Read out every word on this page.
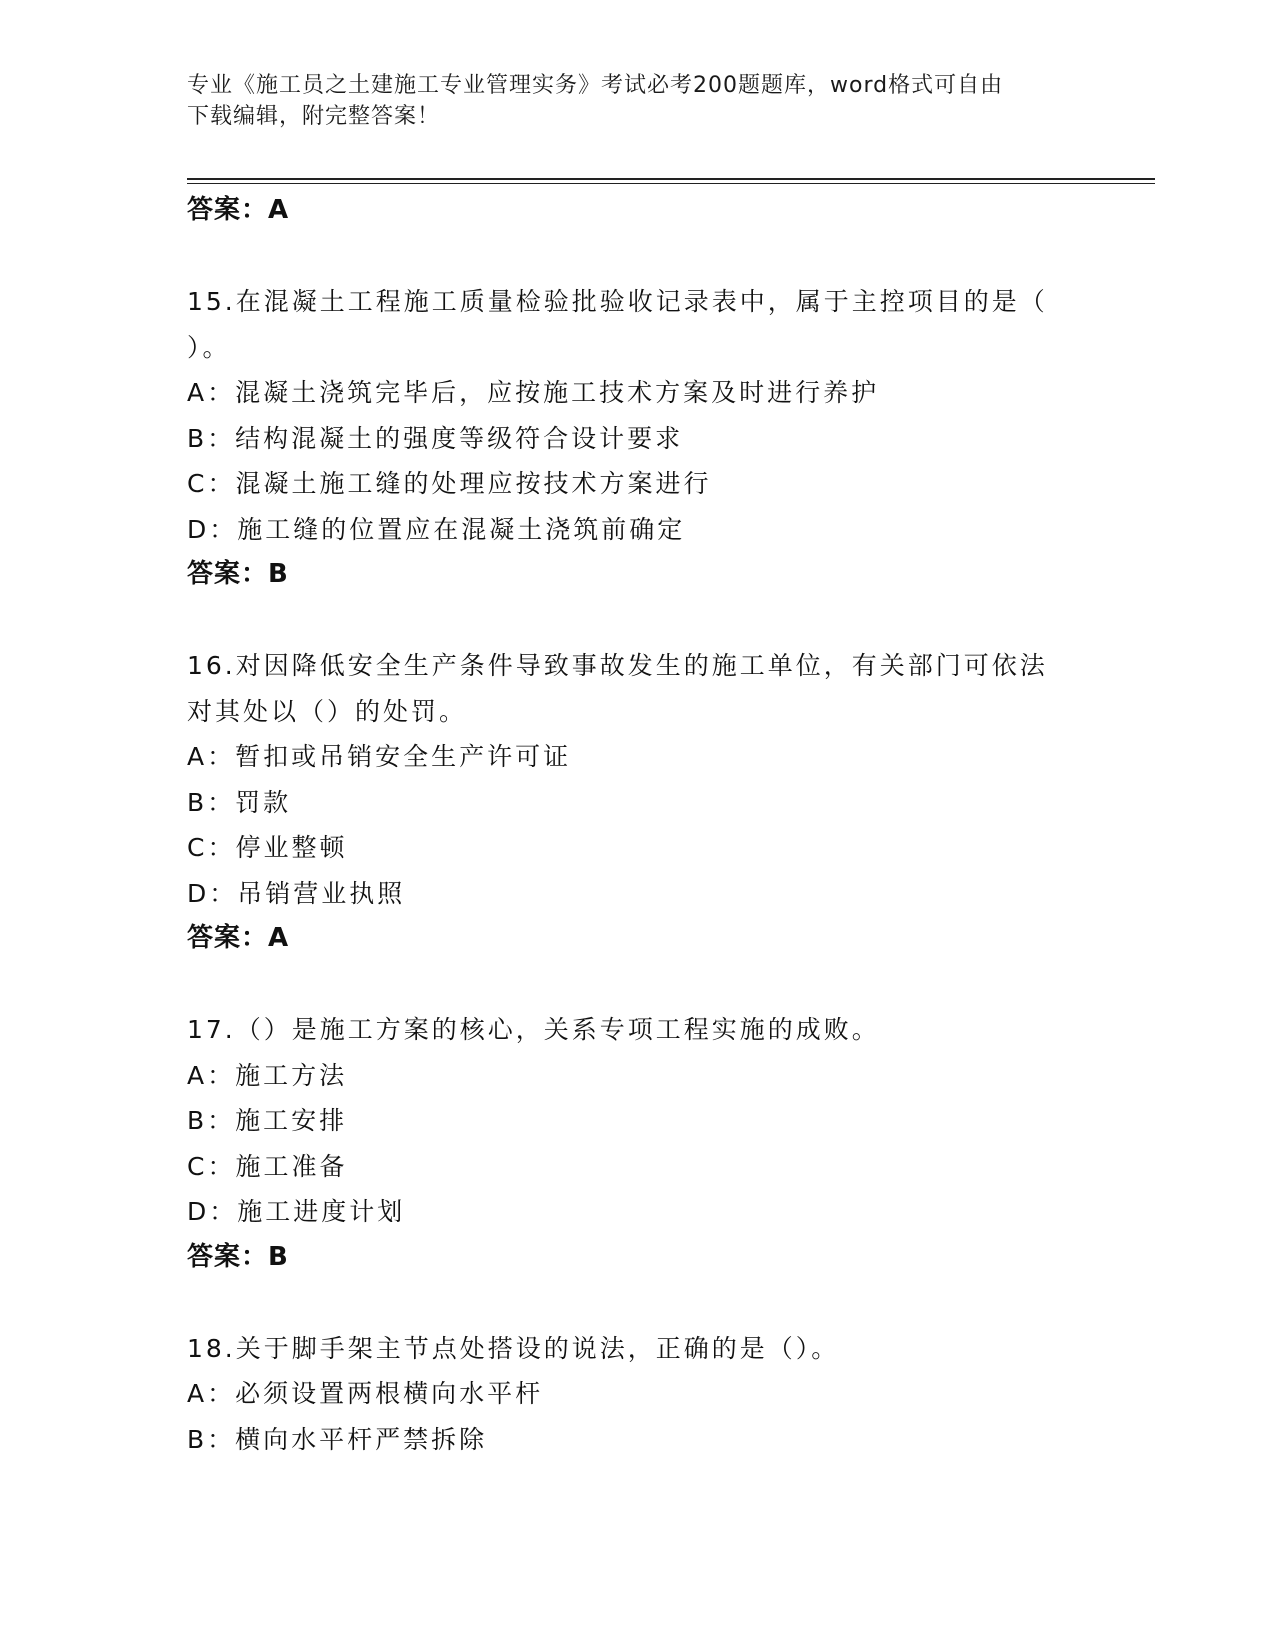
专业《施工员之土建施工专业管理实务》考试必考200题题库，word格式可自由
下载编辑，附完整答案！
答案：A
15.在混凝土工程施工质量检验批验收记录表中，属于主控项目的是（
）。
A：混凝土浇筑完毕后，应按施工技术方案及时进行养护
B：结构混凝土的强度等级符合设计要求
C：混凝土施工缝的处理应按技术方案进行
D：施工缝的位置应在混凝土浇筑前确定
答案：B
16.对因降低安全生产条件导致事故发生的施工单位，有关部门可依法
对其处以（）的处罚。
A：暂扣或吊销安全生产许可证
B：罚款
C：停业整顿
D：吊销营业执照
答案：A
17.（）是施工方案的核心，关系专项工程实施的成败。
A：施工方法
B：施工安排
C：施工准备
D：施工进度计划
答案：B
18.关于脚手架主节点处搭设的说法，正确的是（）。
A：必须设置两根横向水平杆
B：横向水平杆严禁拆除
